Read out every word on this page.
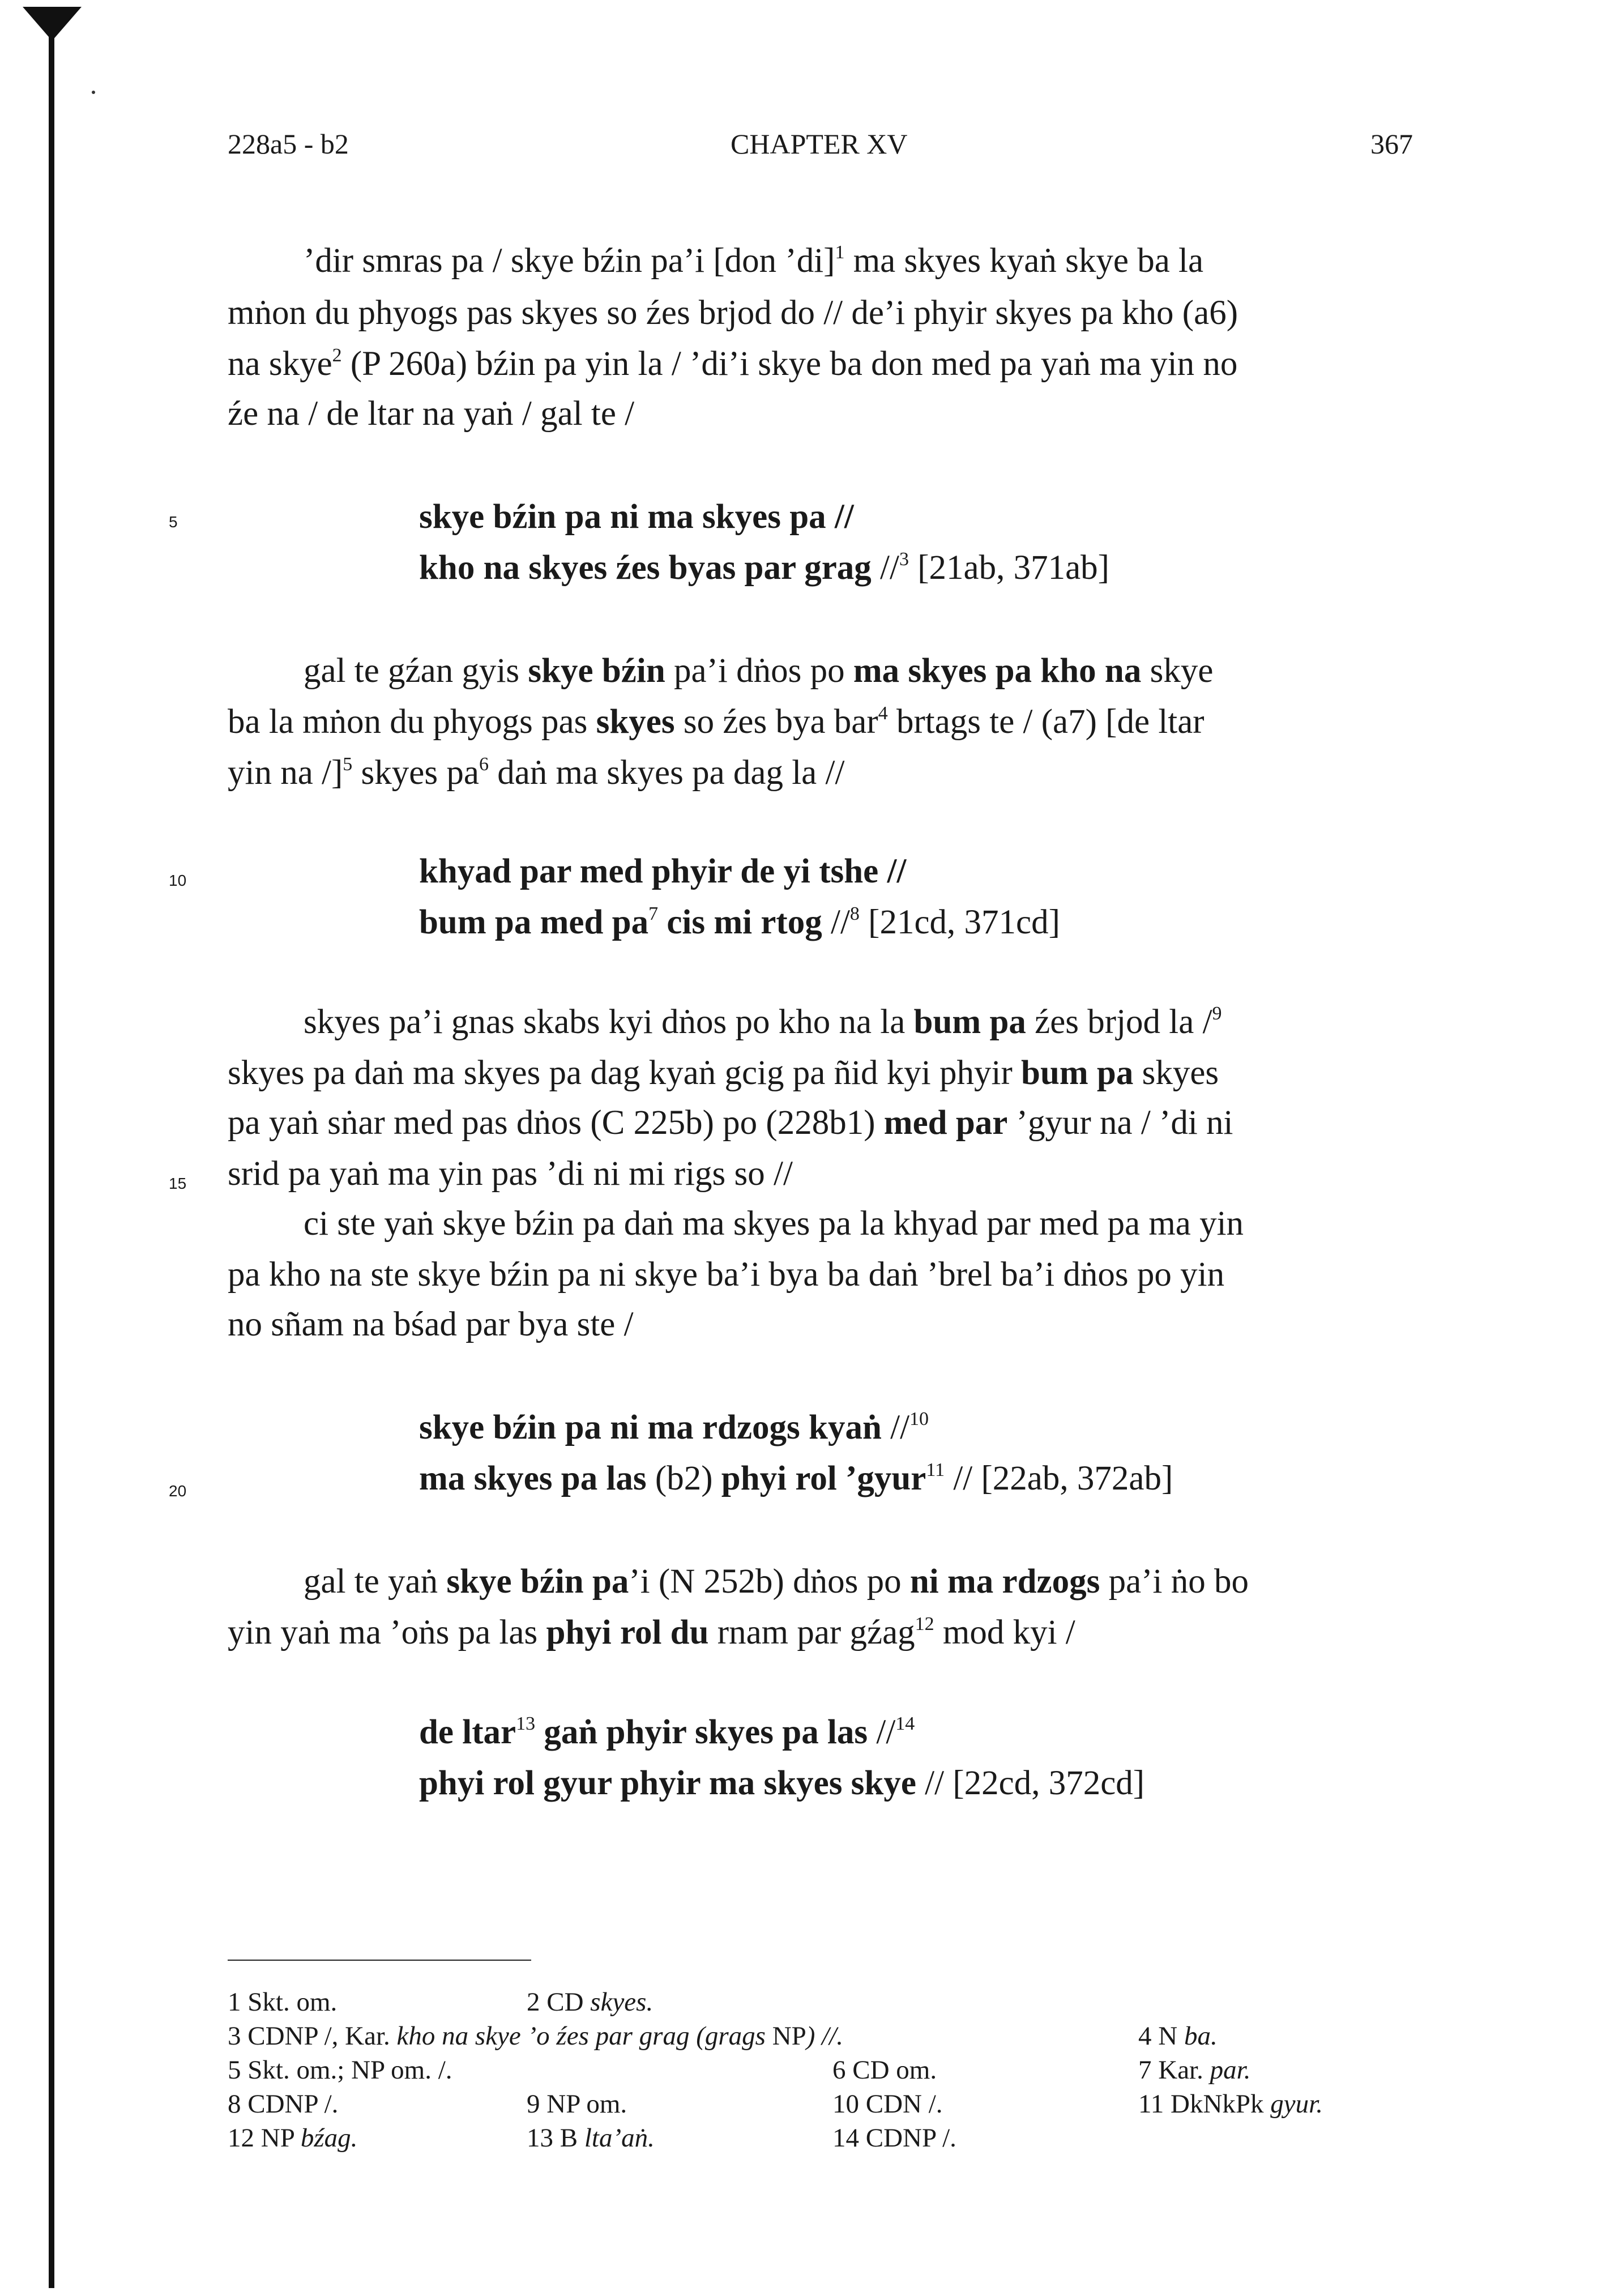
228a5 - b2	CHAPTER XV	367
5
10
15
20
’dir smras pa / skye bźin pa’i [don ’di]$^1$ ma skyes kyaṅ skye ba la
mṅon du phyogs pas skyes so źes brjod do // de’i phyir skyes pa kho (a6)
na skye$^2$ (P 260a) bźin pa yin la / ’di’i skye ba don med pa yaṅ ma yin no
źe na / de ltar na yaṅ / gal te /
skye bźin pa ni ma skyes pa //
kho na skyes źes byas par grag //$^3$ [21ab, 371ab]
gal te gźan gyis skye bźin pa’i dṅos po ma skyes pa kho na skye
ba la mṅon du phyogs pas skyes so źes bya bar$^4$ brtags te / (a7) [de ltar
yin na /]$^5$ skyes $pa^6$ daṅ ma skyes pa dag la //
khyad par med phyir de yi tshe //
bum pa med $pa^7$ cis mi rtog //$^8$ [21cd, 371cd]
skyes pa’i gnas skabs kyi dṅos po kho na la bum pa źes brjod la /$^9$
skyes pa daṅ ma skyes pa dag kyaṅ gcig pa ñid kyi phyir bum pa skyes
pa yaṅ sṅar med pas dṅos (C 225b) po (228b1) med par ’gyur na / ’di ni
srid pa yaṅ ma yin pas ’di ni mi rigs so //
ci ste yaṅ skye bźin pa daṅ ma skyes pa la khyad par med pa ma yin
pa kho na ste skye bźin pa ni skye ba’i bya ba daṅ ’brel ba’i dṅos po yin
no sñam na bśad par bya ste /
skye bźin pa ni ma rdzogs kyaṅ //$^{10}$
ma skyes pa las (b2) phyi rol ’gyur$^{11}$ // [22ab, 372ab]
gal te yaṅ skye bźin pa’i (N 252b) dṅos po ni ma rdzogs pa’i ṅo bo
yin yaṅ ma ’oṅs pa las phyi rol du rnam par gźag$^{12}$ mod kyi /
de ltar$^{13}$ gaṅ phyir skyes pa las //$^{14}$
phyi rol gyur phyir ma skyes skye // [22cd, 372cd]
1 Skt. om.	2 CD skyes.
3 CDNP /, Kar. kho na skye ’o źes par grag (grags NP) //.	4 N ba.
5 Skt. om.; NP om. /.	6 CD om.	7 Kar. par.
8 CDNP /.	9 NP om.	10 CDN /.	11 DkNkPk gyur.
12 NP bźag.	13 B lta’aṅ.	14 CDNP /.
